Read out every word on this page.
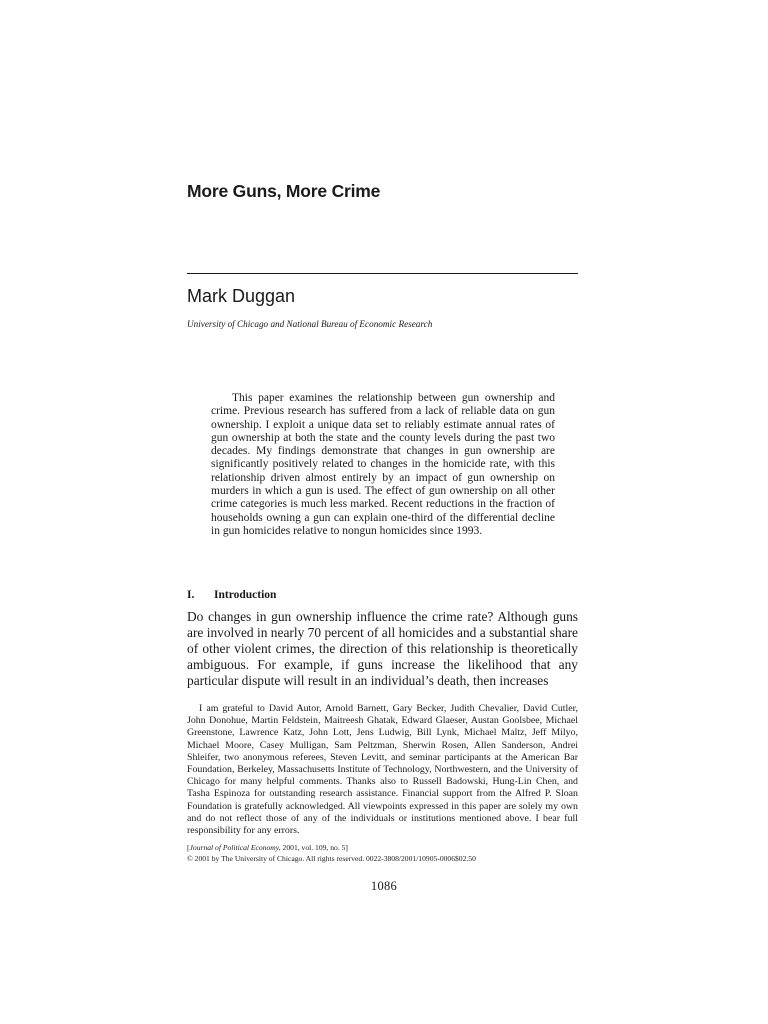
More Guns, More Crime
Mark Duggan
University of Chicago and National Bureau of Economic Research

This paper examines the relationship between gun ownership and crime. Previous research has suffered from a lack of reliable data on gun ownership. I exploit a unique data set to reliably estimate annual rates of gun ownership at both the state and the county levels during the past two decades. My findings demonstrate that changes in gun ownership are significantly positively related to changes in the homicide rate, with this relationship driven almost entirely by an impact of gun ownership on murders in which a gun is used. The effect of gun ownership on all other crime categories is much less marked. Recent reductions in the fraction of households owning a gun can explain one-third of the differential decline in gun homicides relative to nongun homicides since 1993.

I. Introduction

Do changes in gun ownership influence the crime rate? Although guns are involved in nearly 70 percent of all homicides and a substantial share of other violent crimes, the direction of this relationship is theoretically ambiguous. For example, if guns increase the likelihood that any particular dispute will result in an individual’s death, then increases

I am grateful to David Autor, Arnold Barnett, Gary Becker, Judith Chevalier, David Cutler, John Donohue, Martin Feldstein, Maitreesh Ghatak, Edward Glaeser, Austan Goolsbee, Michael Greenstone, Lawrence Katz, John Lott, Jens Ludwig, Bill Lynk, Michael Maltz, Jeff Milyo, Michael Moore, Casey Mulligan, Sam Peltzman, Sherwin Rosen, Allen Sanderson, Andrei Shleifer, two anonymous referees, Steven Levitt, and seminar participants at the American Bar Foundation, Berkeley, Massachusetts Institute of Technology, Northwestern, and the University of Chicago for many helpful comments. Thanks also to Russell Badowski, Hung-Lin Chen, and Tasha Espinoza for outstanding research assistance. Financial support from the Alfred P. Sloan Foundation is gratefully acknowledged. All viewpoints expressed in this paper are solely my own and do not reflect those of any of the individuals or institutions mentioned above. I bear full responsibility for any errors.

[Journal of Political Economy, 2001, vol. 109, no. 5]
© 2001 by The University of Chicago. All rights reserved. 0022-3808/2001/10905-0006$02.50
1086
